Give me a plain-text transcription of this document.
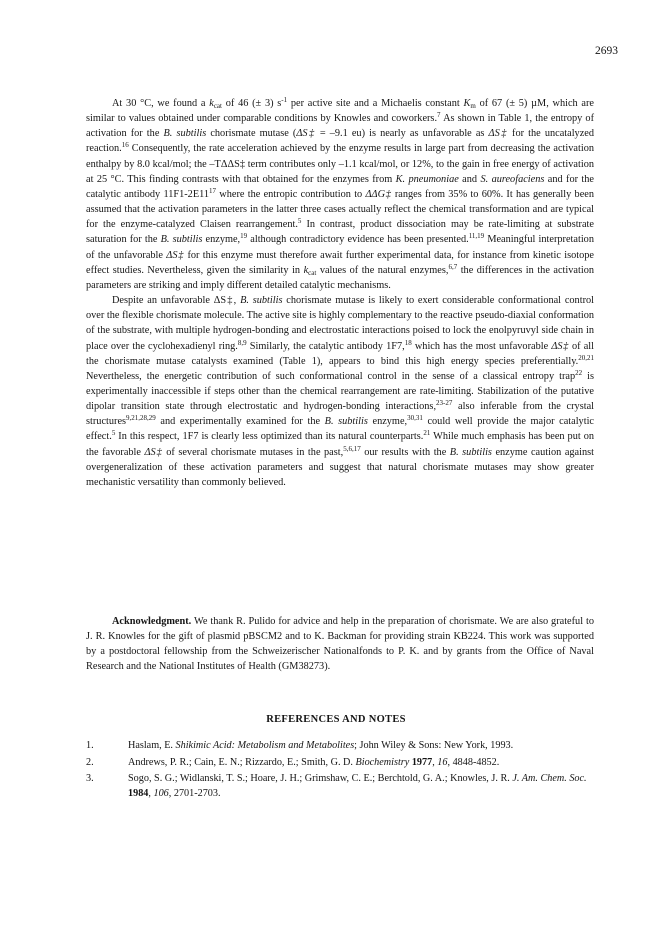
2693

At 30 °C, we found a $k_{cat}$ of 46 (± 3) $s^{-1}$ per active site and a Michaelis constant $K_m$ of 67 (± 5) µM, which are similar to values obtained under comparable conditions by Knowles and coworkers.$^7$ As shown in Table 1, the entropy of activation for the B. subtilis chorismate mutase (ΔS‡ = –9.1 eu) is nearly as unfavorable as ΔS‡ for the uncatalyzed reaction.$^{16}$ Consequently, the rate acceleration achieved by the enzyme results in large part from decreasing the activation enthalpy by 8.0 kcal/mol; the –TΔΔS‡ term contributes only –1.1 kcal/mol, or 12%, to the gain in free energy of activation at 25 °C. This finding contrasts with that obtained for the enzymes from K. pneumoniae and S. aureofaciens and for the catalytic antibody $11F1-2E11^{17}$ where the entropic contribution to ΔΔG‡ ranges from 35% to 60%. It has generally been assumed that the activation parameters in the latter three cases actually reflect the chemical transformation and are typical for the enzyme-catalyzed Claisen rearrangement.$^5$ In contrast, product dissociation may be rate-limiting at substrate saturation for the B. subtilis enzyme,$^{19}$ although contradictory evidence has been presented.$^{11,19}$ Meaningful interpretation of the unfavorable ΔS‡ for this enzyme must therefore await further experimental data, for instance from kinetic isotope effect studies. Nevertheless, given the similarity in $k_{cat}$ values of the natural enzymes,$^{6,7}$ the differences in the activation parameters are striking and imply different detailed catalytic mechanisms.

Despite an unfavorable ΔS‡, B. subtilis chorismate mutase is likely to exert considerable conformational control over the flexible chorismate molecule. The active site is highly complementary to the reactive pseudo-diaxial conformation of the substrate, with multiple hydrogen-bonding and electrostatic interactions poised to lock the enolpyruvyl side chain in place over the cyclohexadienyl ring.$^{8,9}$ Similarly, the catalytic antibody 1F7,18 which has the most unfavorable ΔS‡ of all the chorismate mutase catalysts examined (Table 1), appears to bind this high energy species preferentially.$^{20,21}$ Nevertheless, the energetic contribution of such conformational control in the sense of a classical entropy trap$^{22}$ is experimentally inaccessible if steps other than the chemical rearrangement are rate-limiting. Stabilization of the putative dipolar transition state through electrostatic and hydrogen-bonding interactions,$^{23-27}$ also inferable from the crystal structures$^{9,21,28,29}$ and experimentally examined for the B. subtilis enzyme,$^{30,31}$ could well provide the major catalytic effect.$^5$ In this respect, 1F7 is clearly less optimized than its natural counterparts.$^{21}$ While much emphasis has been put on the favorable ΔS‡ of several chorismate mutases in the past,$^{5,6,17}$ our results with the B. subtilis enzyme caution against overgeneralization of these activation parameters and suggest that natural chorismate mutases may show greater mechanistic versatility than commonly believed.

Acknowledgment. We thank R. Pulido for advice and help in the preparation of chorismate. We are also grateful to J. R. Knowles for the gift of plasmid pBSCM2 and to K. Backman for providing strain KB224. This work was supported by a postdoctoral fellowship from the Schweizerischer Nationalfonds to P. K. and by grants from the Office of Naval Research and the National Institutes of Health (GM38273).

REFERENCES AND NOTES
1.	Haslam, E. Shikimic Acid: Metabolism and Metabolites; John Wiley & Sons: New York, 1993.
2.	Andrews, P. R.; Cain, E. N.; Rizzardo, E.; Smith, G. D. Biochemistry 1977, 16, 4848-4852.
3.	Sogo, S. G.; Widlanski, T. S.; Hoare, J. H.; Grimshaw, C. E.; Berchtold, G. A.; Knowles, J. R. J. Am. Chem. Soc. 1984, 106, 2701-2703.
